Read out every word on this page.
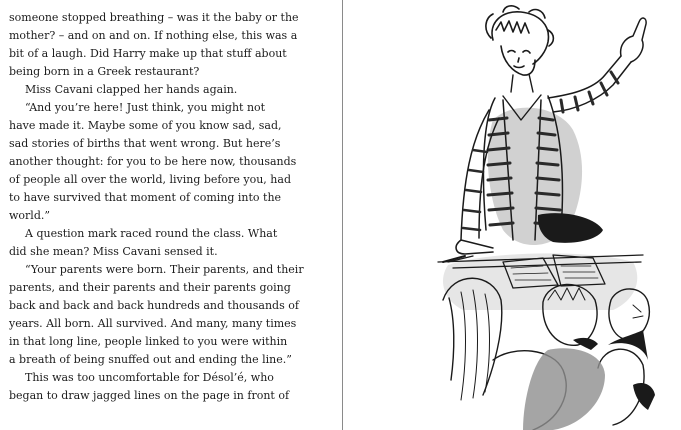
someone stopped breathing – was it the baby or the
mother? – and on and on. If nothing else, this was a
bit of a laugh. Did Harry make up that stuff about
being born in a Greek restaurant?
Miss Cavani clapped her hands again.
“And you’re here! Just think, you might not
have made it. Maybe some of you know sad, sad,
sad stories of births that went wrong. But here’s
another thought: for you to be here now, thousands
of people all over the world, living before you, had
to have survived that moment of coming into the
world.”
A question mark raced round the class. What
did she mean? Miss Cavani sensed it.
“Your parents were born. Their parents, and their
parents, and their parents and their parents going
back and back and back hundreds and thousands of
years. All born. All survived. And many, many times
in that long line, people linked to you were within
a breath of being snuffed out and ending the line.”
This was too uncomfortable for Désol’é, who
began to draw jagged lines on the page in front of
